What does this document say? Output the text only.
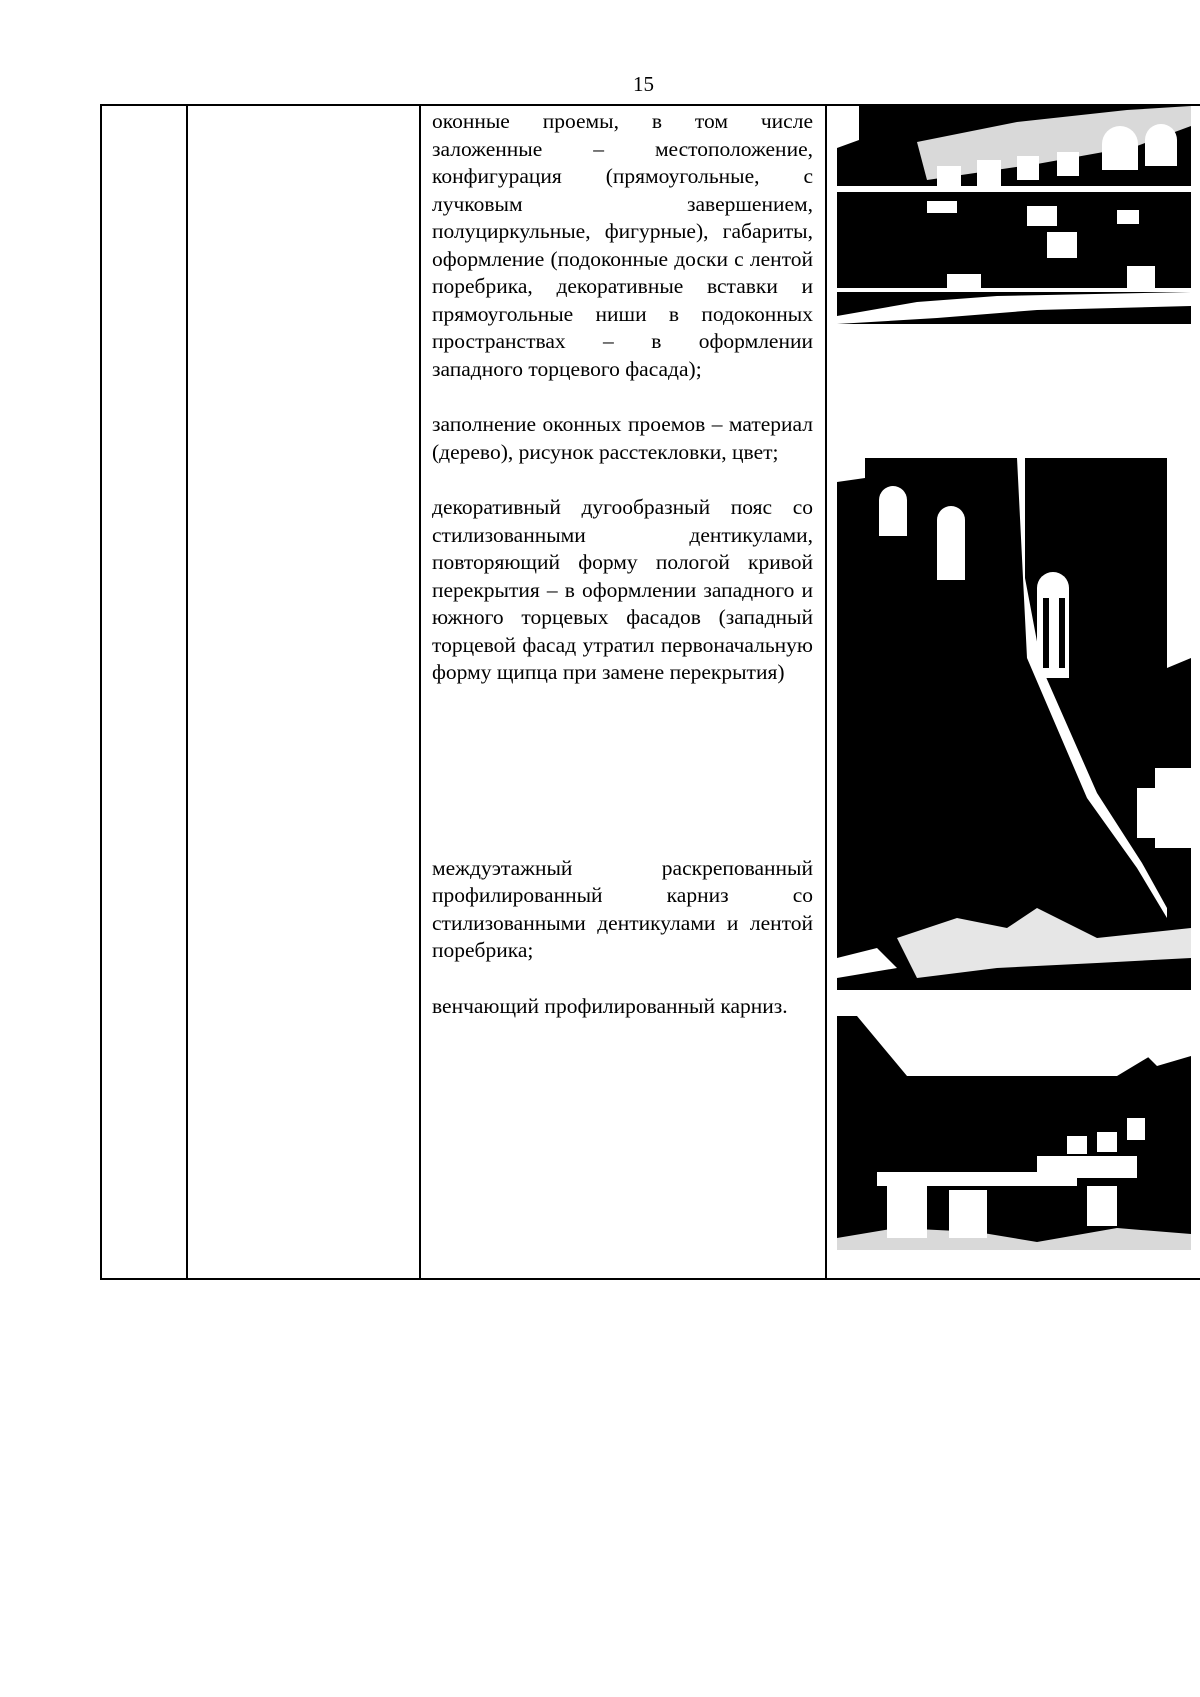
15

оконные проемы, в том числе заложенные – местоположение, конфигурация (прямоугольные, с лучковым завершением, полуциркульные, фигурные), габариты, оформление (подоконные доски с лентой поребрика, декоративные вставки и прямоугольные ниши в подоконных пространствах – в оформлении западного торцевого фасада);

заполнение оконных проемов – материал (дерево), рисунок расстекловки, цвет;

декоративный дугообразный пояс со стилизованными дентикулами, повторяющий форму пологой кривой перекрытия – в оформлении западного и южного торцевых фасадов (западный торцевой фасад утратил первоначальную форму щипца при замене перекрытия)

междуэтажный раскрепованный профилированный карниз со стилизованными дентикулами и лентой поребрика;

венчающий профилированный карниз.
